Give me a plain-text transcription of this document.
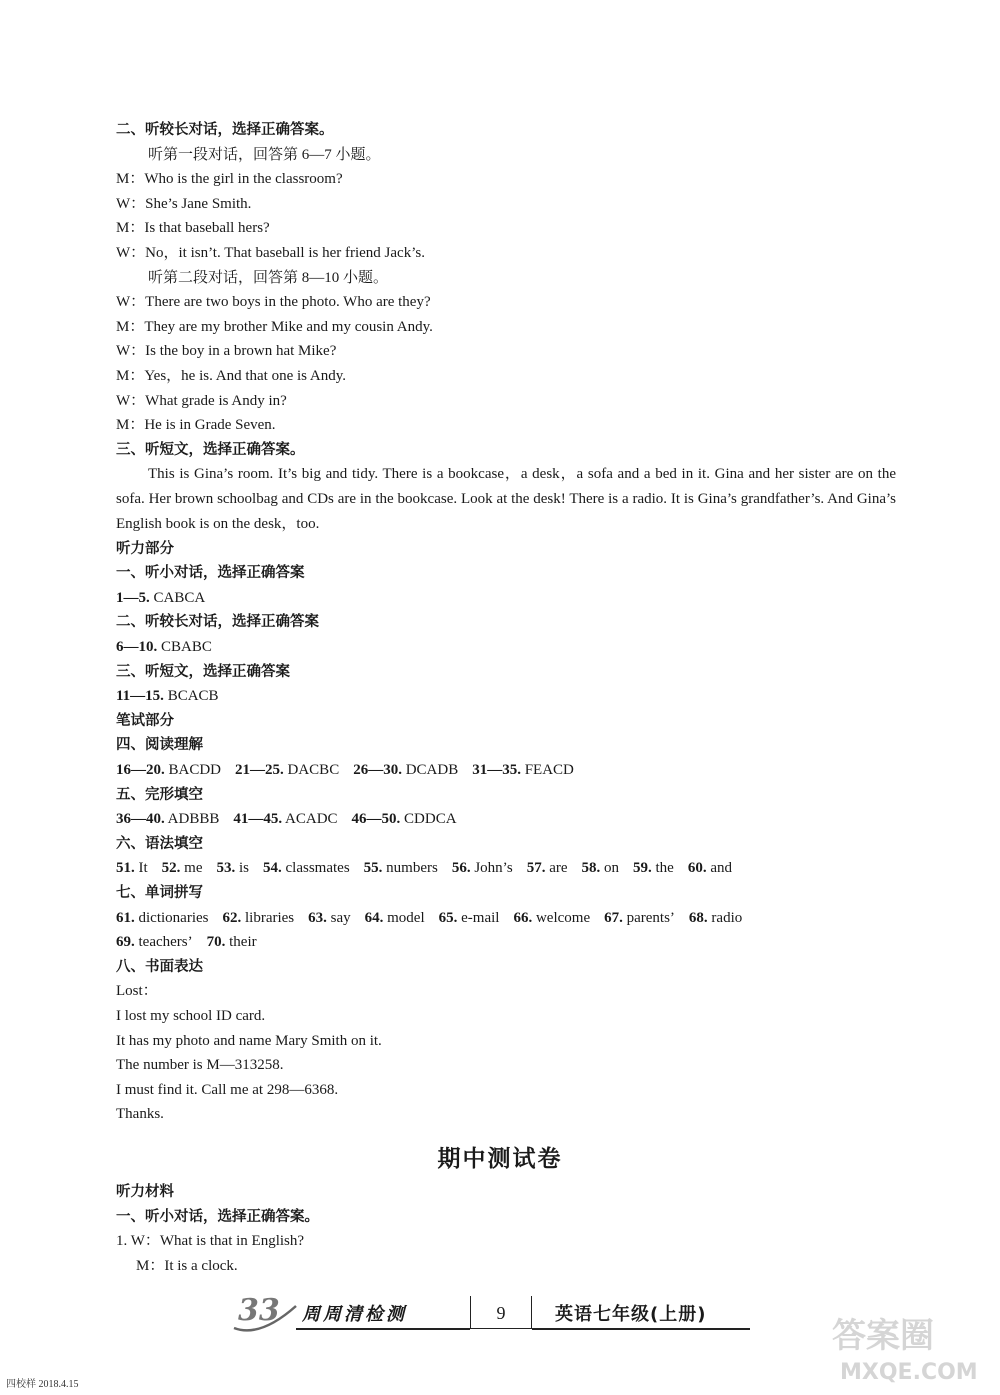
二、听较长对话，选择正确答案。
听第一段对话，回答第 6—7 小题。
M：Who is the girl in the classroom?
W：She’s Jane Smith.
M：Is that baseball hers?
W：No，it isn’t. That baseball is her friend Jack’s.
听第二段对话，回答第 8—10 小题。
W：There are two boys in the photo. Who are they?
M：They are my brother Mike and my cousin Andy.
W：Is the boy in a brown hat Mike?
M：Yes，he is. And that one is Andy.
W：What grade is Andy in?
M：He is in Grade Seven.
三、听短文，选择正确答案。
This is Gina’s room. It’s big and tidy. There is a bookcase，a desk，a sofa and a bed in it. Gina and her sister are on the sofa. Her brown schoolbag and CDs are in the bookcase. Look at the desk! There is a radio. It is Gina’s grandfather’s. And Gina’s English book is on the desk，too.
听力部分
一、听小对话，选择正确答案
1—5. CABCA
二、听较长对话，选择正确答案
6—10. CBABC
三、听短文，选择正确答案
11—15. BCACB
笔试部分
四、阅读理解
16—20. BACDD 21—25. DACBC 26—30. DCADB 31—35. FEACD
五、完形填空
36—40. ADBBB 41—45. ACADC 46—50. CDDCA
六、语法填空
51. It 52. me 53. is 54. classmates 55. numbers 56. John’s 57. are 58. on 59. the 60. and
七、单词拼写
61. dictionaries 62. libraries 63. say 64. model 65. e-mail 66. welcome 67. parents’ 68. radio
69. teachers’ 70. their
八、书面表达
Lost：
I lost my school ID card.
It has my photo and name Mary Smith on it.
The number is M—313258.
I must find it. Call me at 298—6368.
Thanks.
期中测试卷
听力材料
一、听小对话，选择正确答案。
1. W：What is that in English?
M：It is a clock.
33 周周清检测	9	英语七年级(上册)
答案圈
MXQE.COM
四校样 2018.4.15
